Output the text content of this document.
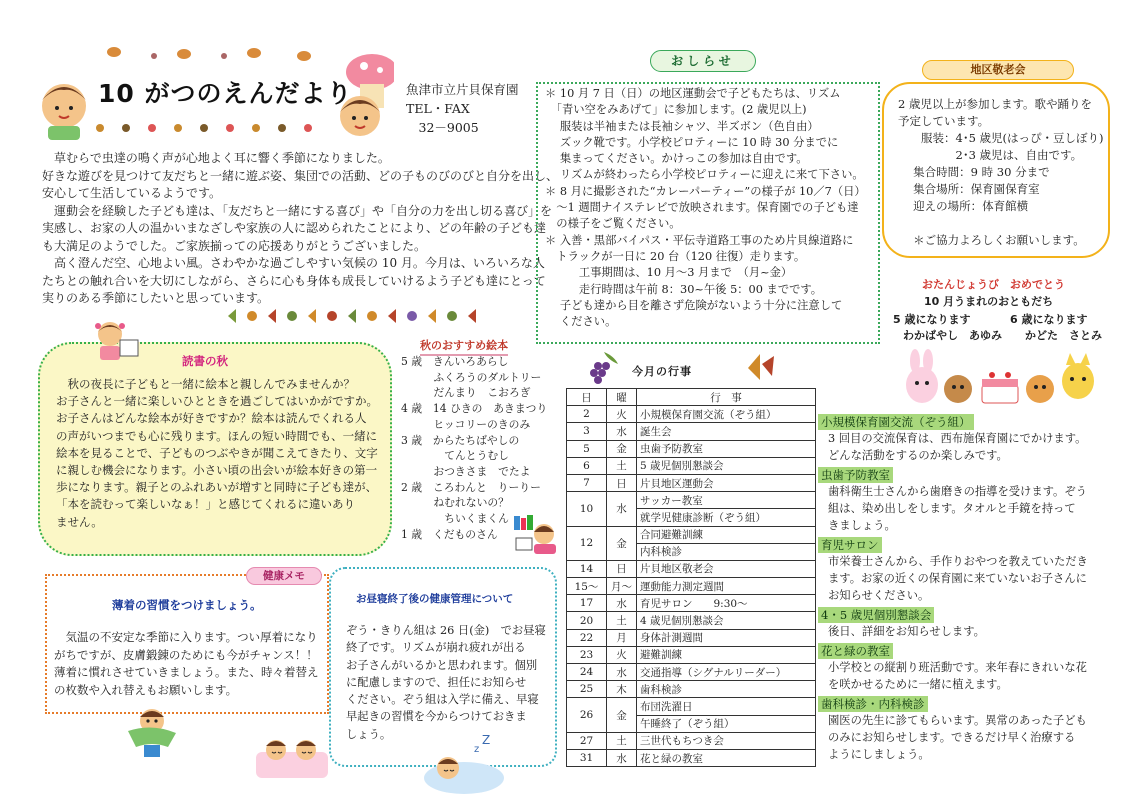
10 がつのえんだより	魚津市立片貝保育園
TEL・FAX
　32－9005
　草むらで虫達の鳴く声が心地よく耳に響く季節になりました。
好きな遊びを見つけて友だちと一緒に遊ぶ姿、集団での活動、どの子ものびのびと自分を出し、
安心して生活しているようです。
　運動会を経験した子ども達は、「友だちと一緒にする喜び」や「自分の力を出し切る喜び」を
実感し、お家の人の温かいまなざしや家族の人に認められたことにより、どの年齢の子ども達
も大満足のようでした。ご家族揃っての応援ありがとうございました。
　高く澄んだ空、心地よい風。さわやかな過ごしやすい気候の 10 月。今月は、いろいろな人
たちとの触れ合いを大切にしながら、さらに心も身体も成長していけるよう子ども達にとって
実りのある季節にしたいと思っています。
おしらせ
＊ 10 月 7 日（日）の地区運動会で子どもたちは、リズム
　「青い空をみあげて」に参加します。(2 歳児以上)
　 服装は半袖または長袖シャツ、半ズボン（色自由）
　 ズック靴です。小学校ピロティーに 10 時 30 分までに
　 集まってください。かけっこの参加は自由です。
　 リズムが終わったら小学校ピロティーに迎えに来て下さい。
＊ 8 月に撮影された“カレーパーティー”の様子が 10／7（日）
　～1 週間ナイステレビで放映されます。保育園での子ども達
　の様子をご覧ください。
＊ 入善・黒部バイパス・平伝寺道路工事のため片貝線道路に
　トラックが一日に 20 台（120 往復）走ります。
　　　工事期間は、10 月～3 月まで　（月~金）
　　　走行時間は午前 8：30~午後 5：00 までです。
　 子ども達から目を離さず危険がないよう十分に注意して
　 ください。
地区敬老会
2 歳児以上が参加します。歌や踊りを
予定しています。
　　服装：4･5 歳児(はっぴ・豆しぼり)
　　　　　2･3 歳児は、自由です。
　 集合時間：9 時 30 分まで
　 集合場所：保育園保育室
　 迎えの場所：体育館横
　 ＊ご協力よろしくお願いします。
おたんじょうび　おめでとう
10 月うまれのおともだち
5 歳になります	6 歳になります
わかばやし　あゆみ かどた　さとみ
読書の秋
　秋の夜長に子どもと一緒に絵本と親しんでみませんか？
お子さんと一緒に楽しいひとときを過ごしてはいかがですか。
お子さんはどんな絵本が好きですか？絵本は読んでくれる人
の声がいつまでも心に残ります。ほんの短い時間でも、一緒に
絵本を見ることで、子どものつぶやきが聞こえてきたり、文字
に親しむ機会になります。小さい頃の出会いが絵本好きの第一
歩になります。親子とのふれあいが増すと同時に子ども達が、
「本を読むって楽しいなぁ！」と感じてくれるに違いあり
ません。
秋のおすすめ絵本
5 歳　きんいろあらし
　　　ふくろうのダルトリー
　　　だんまり　こおろぎ
4 歳　14 ひきの　あきまつり
　　　ヒッコリーのきのみ
3 歳　からたちばやしの
　　　　てんとうむし
　　　おつきさま　でたよ
2 歳　ころわんと　りーりー
　　　ねむれないの？
　　　　ちいくまくん
1 歳　くだものさん
今月の行事
日	曜	行　事
2	火	小規模保育園交流（ぞう組）
3	水	誕生会
5	金	虫歯予防教室
6	土	5 歳児個別懇談会
7	日	片貝地区運動会
10	水	サッカー教室
		就学児健康診断（ぞう組）
12	金	合同避難訓練
		内科検診
14	日	片貝地区敬老会
15～	月～	運動能力測定週間
17	水	育児サロン　　9:30～
20	土	4 歳児個別懇談会
22	月	身体計測週間
23	火	避難訓練
24	水	交通指導（シグナルリーダー）
25	木	歯科検診
26	金	布団洗濯日
		午睡終了（ぞう組）
27	土	三世代もちつき会
31	水	花と緑の教室
小規模保育園交流（ぞう組）
3 回目の交流保育は、西布施保育園にでかけます。
どんな活動をするのか楽しみです。
虫歯予防教室
歯科衛生士さんから歯磨きの指導を受けます。ぞう
組は、染め出しをします。タオルと手鏡を持って
きましょう。
育児サロン
市栄養士さんから、手作りおやつを教えていただき
ます。お家の近くの保育園に来ていないお子さんに
お知らせください。
4・5 歳児個別懇談会
後日、詳細をお知らせします。
花と緑の教室
小学校との縦割り班活動です。来年春にきれいな花
を咲かせるために一緒に植えます。
歯科検診・内科検診
園医の先生に診てもらいます。異常のあった子ども
のみにお知らせします。できるだけ早く治療する
ようにしましょう。
健康メモ
薄着の習慣をつけましょう。
　気温の不安定な季節に入ります。つい厚着になり
がちですが、皮膚鍛錬のためにも今がチャンス！！
薄着に慣れさせていきましょう。また、時々着替え
の枚数や入れ替えもお願いします。
お昼寝終了後の健康管理について
ぞう・きりん組は 26 日(金)　でお昼寝
終了です。リズムが崩れ疲れが出る
お子さんがいるかと思われます。個別
に配慮しますので、担任にお知らせ
ください。ぞう組は入学に備え、早寝
早起きの習慣を今からつけておきま
しょう。
z
Z
